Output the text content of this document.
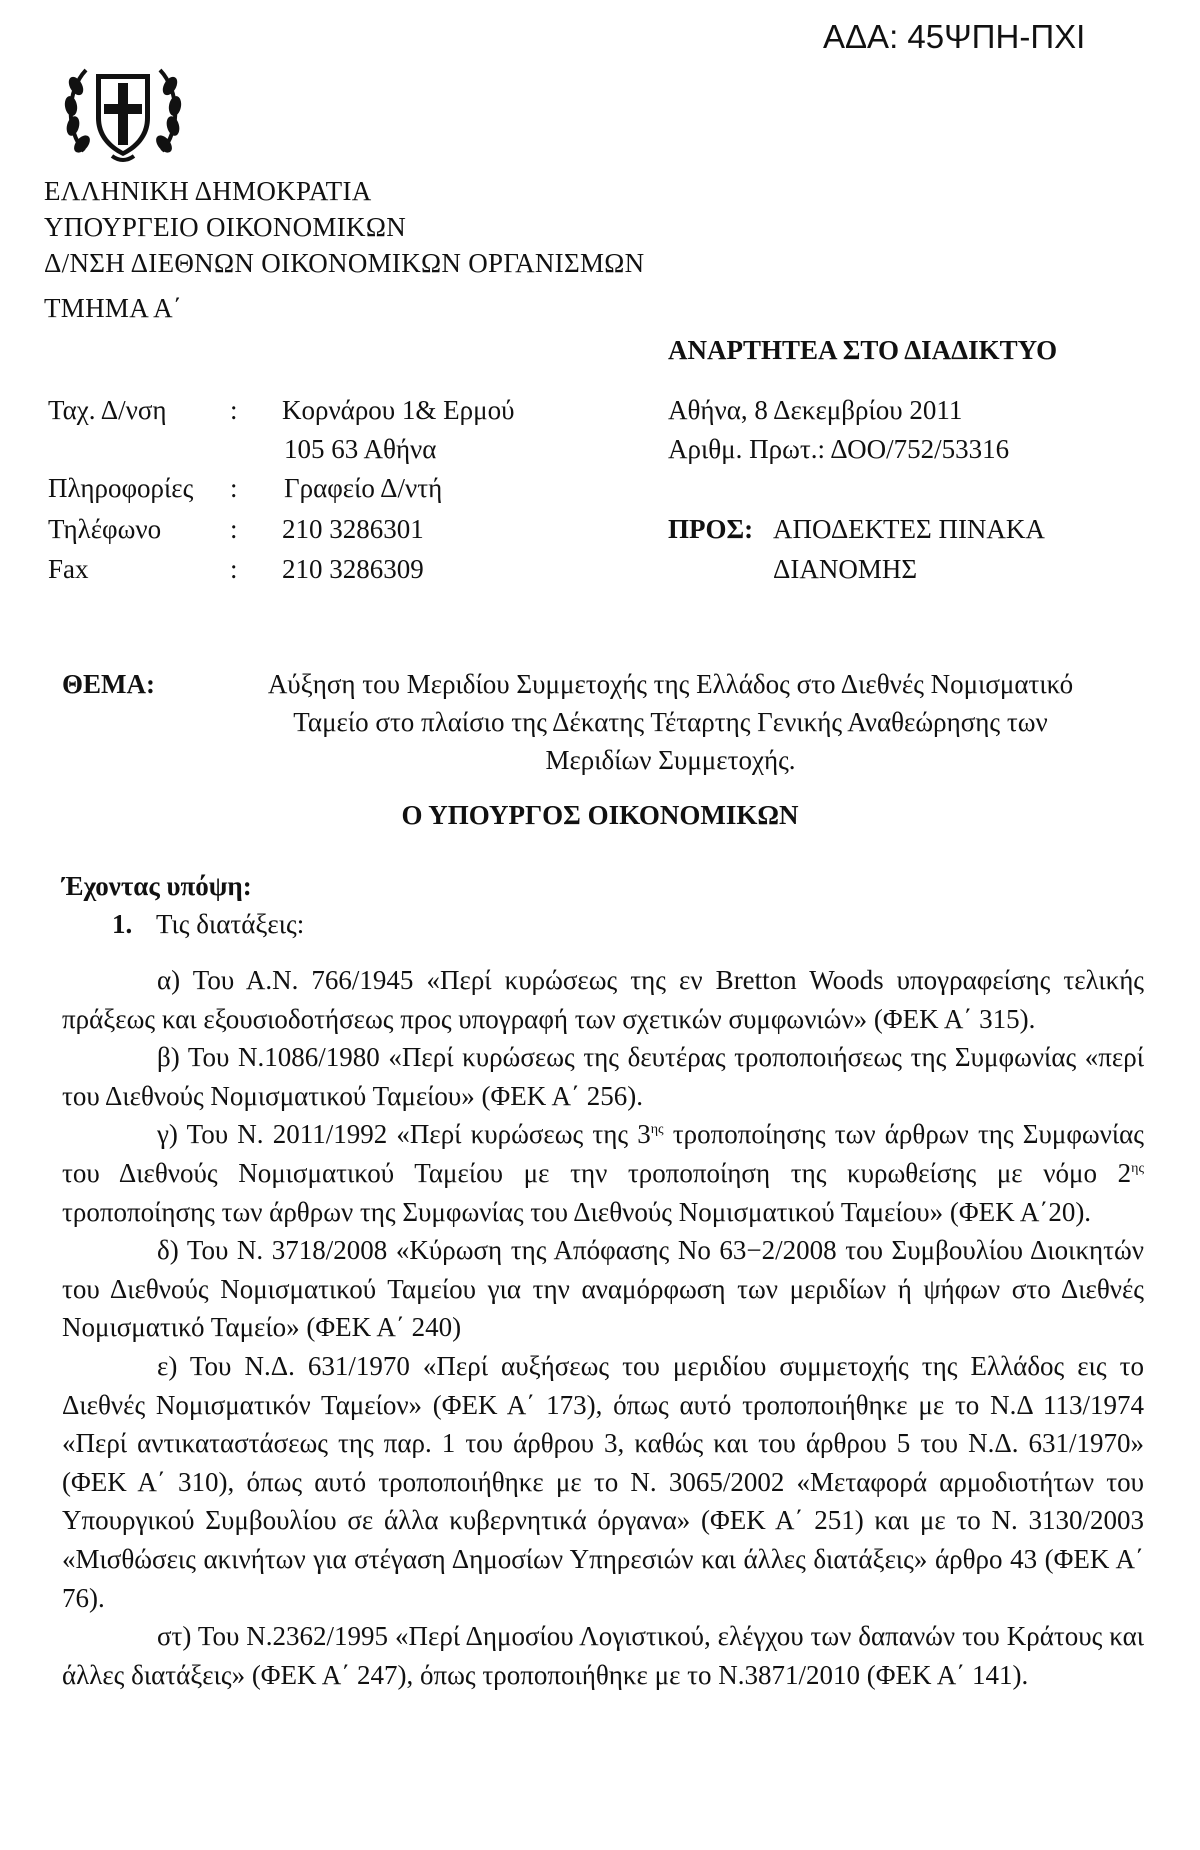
ΑΔΑ: 45ΨΠΗ-ΠΧΙ
ΕΛΛΗΝΙΚΗ ΔΗΜΟΚΡΑΤΙΑ
ΥΠΟΥΡΓΕΙΟ ΟΙΚΟΝΟΜΙΚΩΝ
Δ/ΝΣΗ ΔΙΕΘΝΩΝ ΟΙΚΟΝΟΜΙΚΩΝ ΟΡΓΑΝΙΣΜΩΝ
ΤΜΗΜΑ Α΄
ΑΝΑΡΤΗΤΕΑ ΣΤΟ ΔΙΑΔΙΚΤΥΟ
Ταχ. Δ/νση : Κορνάρου 1& Ερμού
105 63 Αθήνα
Πληροφορίες : Γραφείο Δ/ντή
Τηλέφωνο	: 210 3286301
Fax	: 210 3286309
Αθήνα, 8 Δεκεμβρίου 2011
Αριθμ. Πρωτ.: ΔΟΟ/752/53316
ΠΡΟΣ: ΑΠΟΔΕΚΤΕΣ ΠΙΝΑΚΑ
ΔΙΑΝΟΜΗΣ
ΘΕΜΑ:	Αύξηση του Μεριδίου Συμμετοχής της Ελλάδος στο Διεθνές Νομισματικό
Ταμείο στο πλαίσιο της Δέκατης Τέταρτης Γενικής Αναθεώρησης των
Μεριδίων Συμμετοχής.
Ο ΥΠΟΥΡΓΟΣ ΟΙΚΟΝΟΜΙΚΩΝ
Έχοντας υπόψη:
1. Τις διατάξεις:

α) Του Α.Ν. 766/1945 «Περί κυρώσεως της εν Bretton Woods υπογραφείσης τελικής πράξεως και εξουσιοδοτήσεως προς υπογραφή των σχετικών συμφωνιών» (ΦΕΚ Α΄ 315).

β) Του Ν.1086/1980 «Περί κυρώσεως της δευτέρας τροποποιήσεως της Συμφωνίας «περί του Διεθνούς Νομισματικού Ταμείου» (ΦΕΚ Α΄ 256).

γ) Του Ν. 2011/1992 «Περί κυρώσεως της $3^{\eta\varsigma}$ τροποποίησης των άρθρων της Συμφωνίας του Διεθνούς Νομισματικού Ταμείου με την τροποποίηση της κυρωθείσης με νόμο $2^{\eta\varsigma}$ τροποποίησης των άρθρων της Συμφωνίας του Διεθνούς Νομισματικού Ταμείου» (ΦΕΚ Α΄20).

δ) Του Ν. 3718/2008 «Κύρωση της Απόφασης Νο 63−2/2008 του Συμβουλίου Διοικητών του Διεθνούς Νομισματικού Ταμείου για την αναμόρφωση των μεριδίων ή ψήφων στο Διεθνές Νομισματικό Ταμείο» (ΦΕΚ Α΄ 240)

ε) Του Ν.Δ. 631/1970 «Περί αυξήσεως του μεριδίου συμμετοχής της Ελλάδος εις το Διεθνές Νομισματικόν Ταμείον» (ΦΕΚ Α΄ 173), όπως αυτό τροποποιήθηκε με το Ν.Δ 113/1974 «Περί αντικαταστάσεως της παρ. 1 του άρθρου 3, καθώς και του άρθρου 5 του Ν.Δ. 631/1970» (ΦΕΚ Α΄ 310), όπως αυτό τροποποιήθηκε με το Ν. 3065/2002 «Μεταφορά αρμοδιοτήτων του Υπουργικού Συμβουλίου σε άλλα κυβερνητικά όργανα» (ΦΕΚ Α΄ 251) και με το Ν. 3130/2003 «Μισθώσεις ακινήτων για στέγαση Δημοσίων Υπηρεσιών και άλλες διατάξεις» άρθρο 43 (ΦΕΚ Α΄ 76).

στ) Του Ν.2362/1995 «Περί Δημοσίου Λογιστικού, ελέγχου των δαπανών του Κράτους και άλλες διατάξεις» (ΦΕΚ Α΄ 247), όπως τροποποιήθηκε με το Ν.3871/2010 (ΦΕΚ Α΄ 141).
